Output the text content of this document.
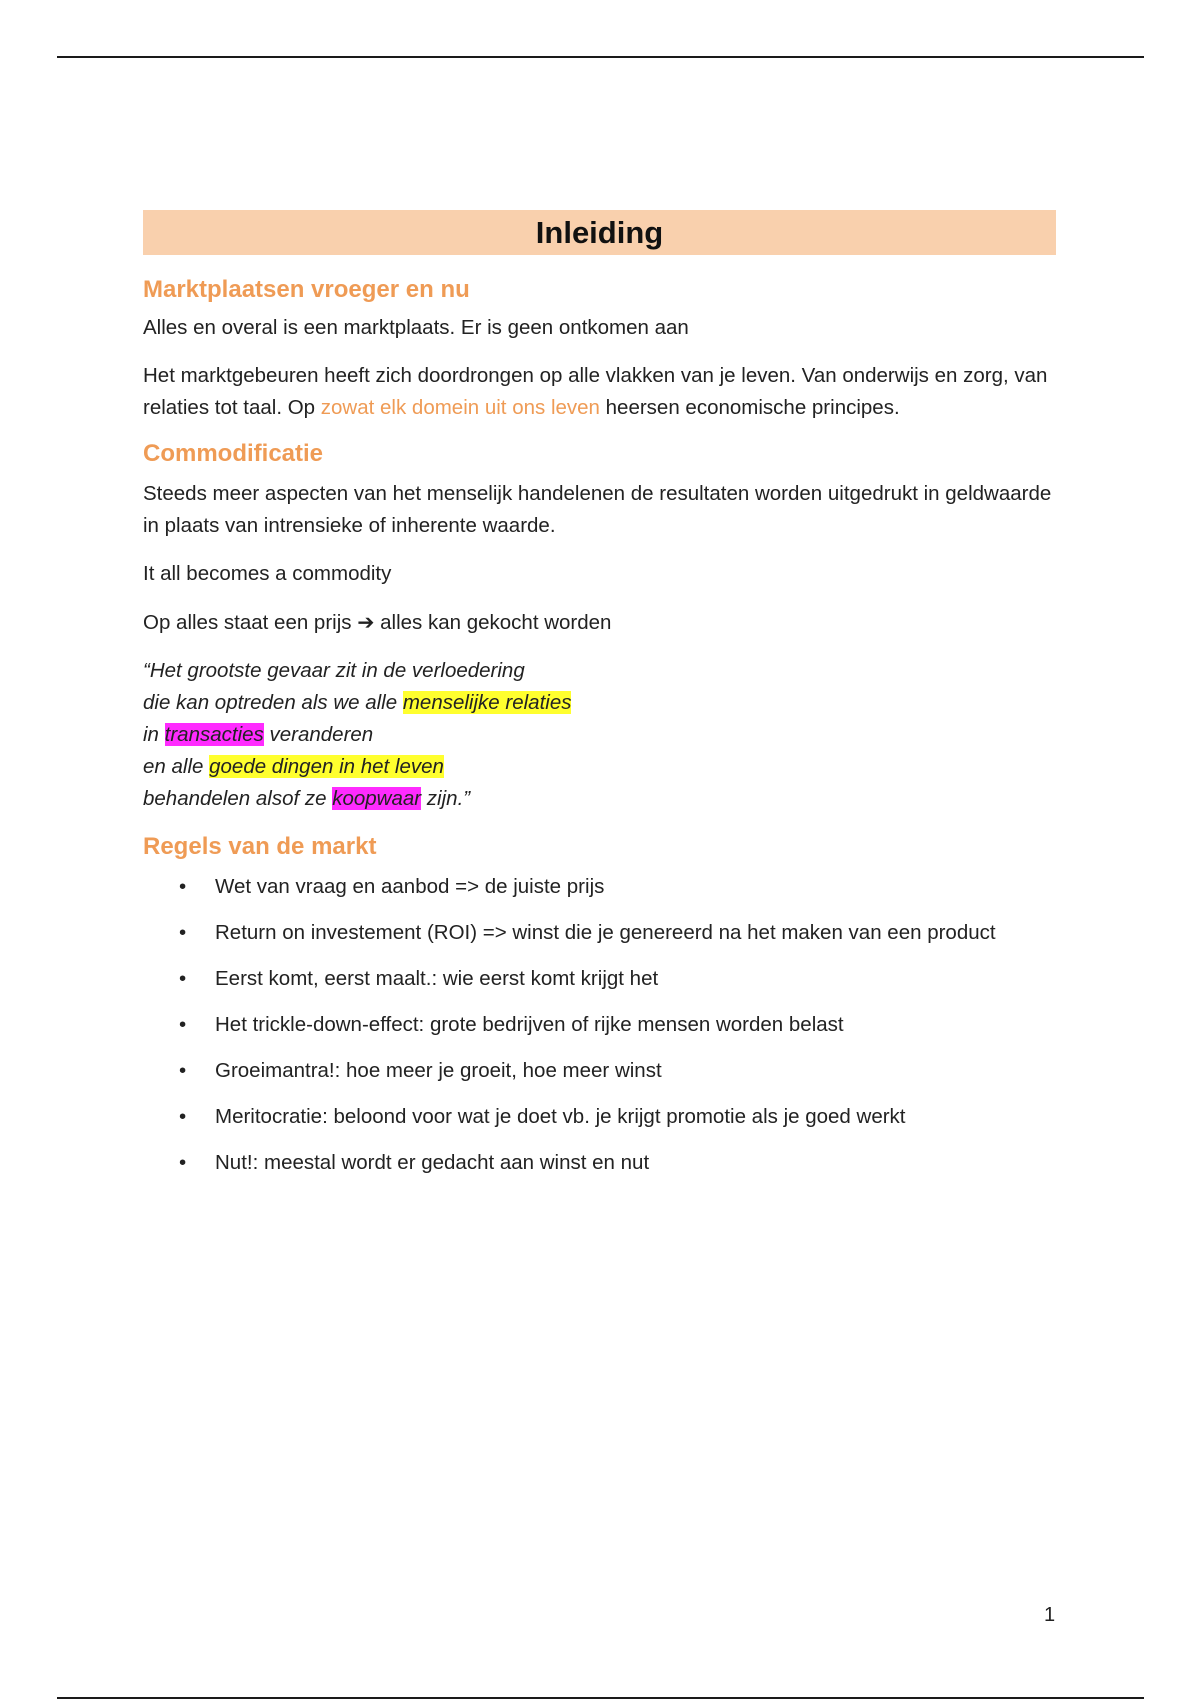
Inleiding
Marktplaatsen vroeger en nu

Alles en overal is een marktplaats. Er is geen ontkomen aan

Het marktgebeuren heeft zich doordrongen op alle vlakken van je leven. Van onderwijs en zorg, van relaties tot taal. Op zowat elk domein uit ons leven heersen economische principes.

Commodificatie

Steeds meer aspecten van het menselijk handelenen de resultaten worden uitgedrukt in geldwaarde in plaats van intrensieke of inherente waarde.

It all becomes a commodity

Op alles staat een prijs ➔ alles kan gekocht worden

“Het grootste gevaar zit in de verloedering
die kan optreden als we alle menselijke relaties
in transacties veranderen
en alle goede dingen in het leven
behandelen alsof ze koopwaar zijn.”
Regels van de markt
• Wet van vraag en aanbod => de juiste prijs
• Return on investement (ROI) => winst die je genereerd na het maken van een product
• Eerst komt, eerst maalt.: wie eerst komt krijgt het
• Het trickle-down-effect: grote bedrijven of rijke mensen worden belast
• Groeimantra!: hoe meer je groeit, hoe meer winst
• Meritocratie: beloond voor wat je doet vb. je krijgt promotie als je goed werkt
• Nut!: meestal wordt er gedacht aan winst en nut
1
